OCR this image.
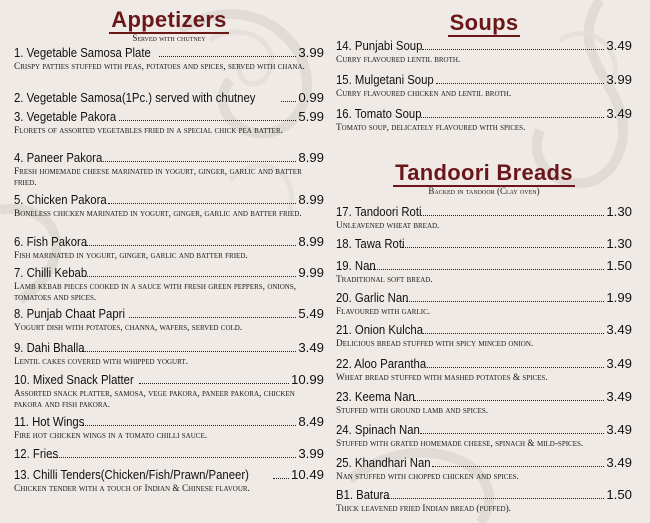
Appetizers
Served with chutney
1. Vegetable Samosa Plate	3.99
Crispy patties stuffed with peas, potatoes and spices, served with chana.
2. Vegetable Samosa(1Pc.) served with chutney	0.99
3. Vegetable Pakora	5.99
Florets of assorted vegetables fried in a special chick pea batter.
4. Paneer Pakora	8.99
Fresh homemade cheese marinated in yogurt, ginger, garlic and batter fried.
5. Chicken Pakora	8.99
Boneless chicken marinated in yogurt, ginger, garlic and batter fried.
6. Fish Pakora	8.99
Fish marinated in yogurt, ginger, garlic and batter fried.
7. Chilli Kebab	9.99
Lamb kebab pieces cooked in a sauce with fresh green peppers, onions, tomatoes and spices.
8. Punjab Chaat Papri	5.49
Yogurt dish with potatoes, channa, wafers, served cold.
9. Dahi Bhalla	3.49
Lentil cakes covered with whipped yogurt.
10. Mixed Snack Platter	10.99
Assorted snack platter, samosa, vege pakora, paneer pakora, chicken pakora and fish pakora.
11. Hot Wings	8.49
Fire hot chicken wings in a tomato chilli sauce.
12. Fries	3.99
13. Chilli Tenders(Chicken/Fish/Prawn/Paneer)	10.49
Chicken tender with a touch of Indian & Chinese flavour.
Soups
14. Punjabi Soup	3.49
Curry flavoured lentil broth.
15. Mulgetani Soup	3.99
Curry flavoured chicken and lentil broth.
16. Tomato Soup	3.49
Tomato soup, delicately flavoured with spices.
Tandoori Breads
Backed in tandoor (Clay oven)
17. Tandoori Roti	1.30
Unleavened wheat bread.
18. Tawa Roti	1.30
19. Nan	1.50
Traditional soft bread.
20. Garlic Nan	1.99
Flavoured with garlic.
21. Onion Kulcha	3.49
Delicious bread stuffed with spicy minced onion.
22. Aloo Parantha	3.49
Wheat bread stuffed with mashed potatoes & spices.
23. Keema Nan	3.49
Stuffed with ground lamb and spices.
24. Spinach Nan	3.49
Stuffed with grated homemade cheese, spinach & mild-spices.
25. Khandhari Nan	3.49
Nan stuffed with chopped chicken and spices.
B1. Batura	1.50
Thick leavened fried Indian bread (puffed).
